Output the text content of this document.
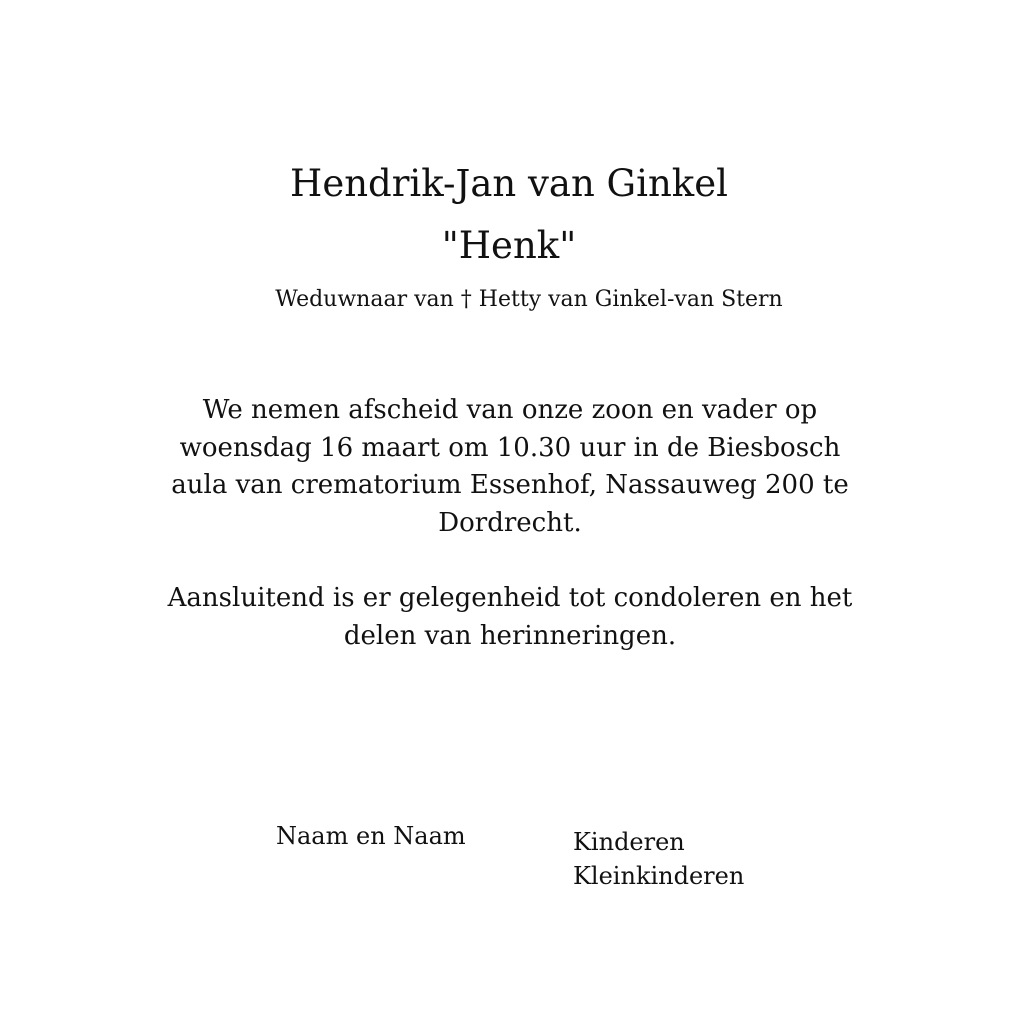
Hendrik-Jan van Ginkel
"Henk"

Weduwnaar van † Hetty van Ginkel-van Stern

We nemen afscheid van onze zoon en vader op woensdag 16 maart om 10.30 uur in de Biesbosch aula van crematorium Essenhof, Nassauweg 200 te Dordrecht.

Aansluitend is er gelegenheid tot condoleren en het delen van herinneringen.

Naam en Naam	Kinderen
Kleinkinderen
